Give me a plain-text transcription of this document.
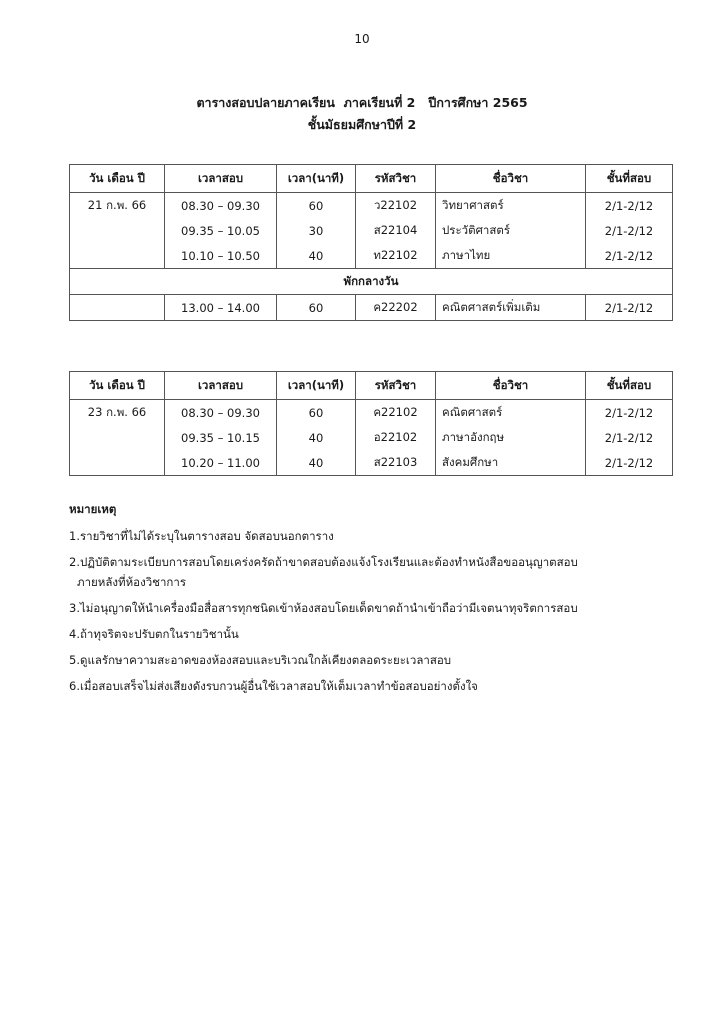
10
ตารางสอบปลายภาคเรียน  ภาคเรียนที่ 2   ปีการศึกษา 2565
ชั้นมัธยมศึกษาปีที่ 2
วัน เดือน ปี	เวลาสอบ	เวลา(นาที)	รหัสวิชา	ชื่อวิชา	ชั้นที่สอบ
21 ก.พ. 66	08.30 – 09.30	60	ว22102	วิทยาศาสตร์	2/1-2/12
	09.35 – 10.05	30	ส22104	ประวัติศาสตร์	2/1-2/12
	10.10 – 10.50	40	ท22102	ภาษาไทย	2/1-2/12
พักกลางวัน					
	13.00 – 14.00	60	ค22202	คณิตศาสตร์เพิ่มเติม	2/1-2/12
วัน เดือน ปี	เวลาสอบ	เวลา(นาที)	รหัสวิชา	ชื่อวิชา	ชั้นที่สอบ
23 ก.พ. 66	08.30 – 09.30	60	ค22102	คณิตศาสตร์	2/1-2/12
	09.35 – 10.15	40	อ22102	ภาษาอังกฤษ	2/1-2/12
	10.20 – 11.00	40	ส22103	สังคมศึกษา	2/1-2/12
หมายเหตุ
1.รายวิชาที่ไม่ได้ระบุในตารางสอบ จัดสอบนอกตาราง
2.ปฏิบัติตามระเบียบการสอบโดยเคร่งครัดถ้าขาดสอบต้องแจ้งโรงเรียนและต้องทำหนังสือขออนุญาตสอบ
ภายหลังที่ห้องวิชาการ
3.ไม่อนุญาตให้นำเครื่องมือสื่อสารทุกชนิดเข้าห้องสอบโดยเด็ดขาดถ้านำเข้าถือว่ามีเจตนาทุจริตการสอบ
4.ถ้าทุจริตจะปรับตกในรายวิชานั้น
5.ดูแลรักษาความสะอาดของห้องสอบและบริเวณใกล้เคียงตลอดระยะเวลาสอบ
6.เมื่อสอบเสร็จไม่ส่งเสียงดังรบกวนผู้อื่นใช้เวลาสอบให้เต็มเวลาทำข้อสอบอย่างตั้งใจ
